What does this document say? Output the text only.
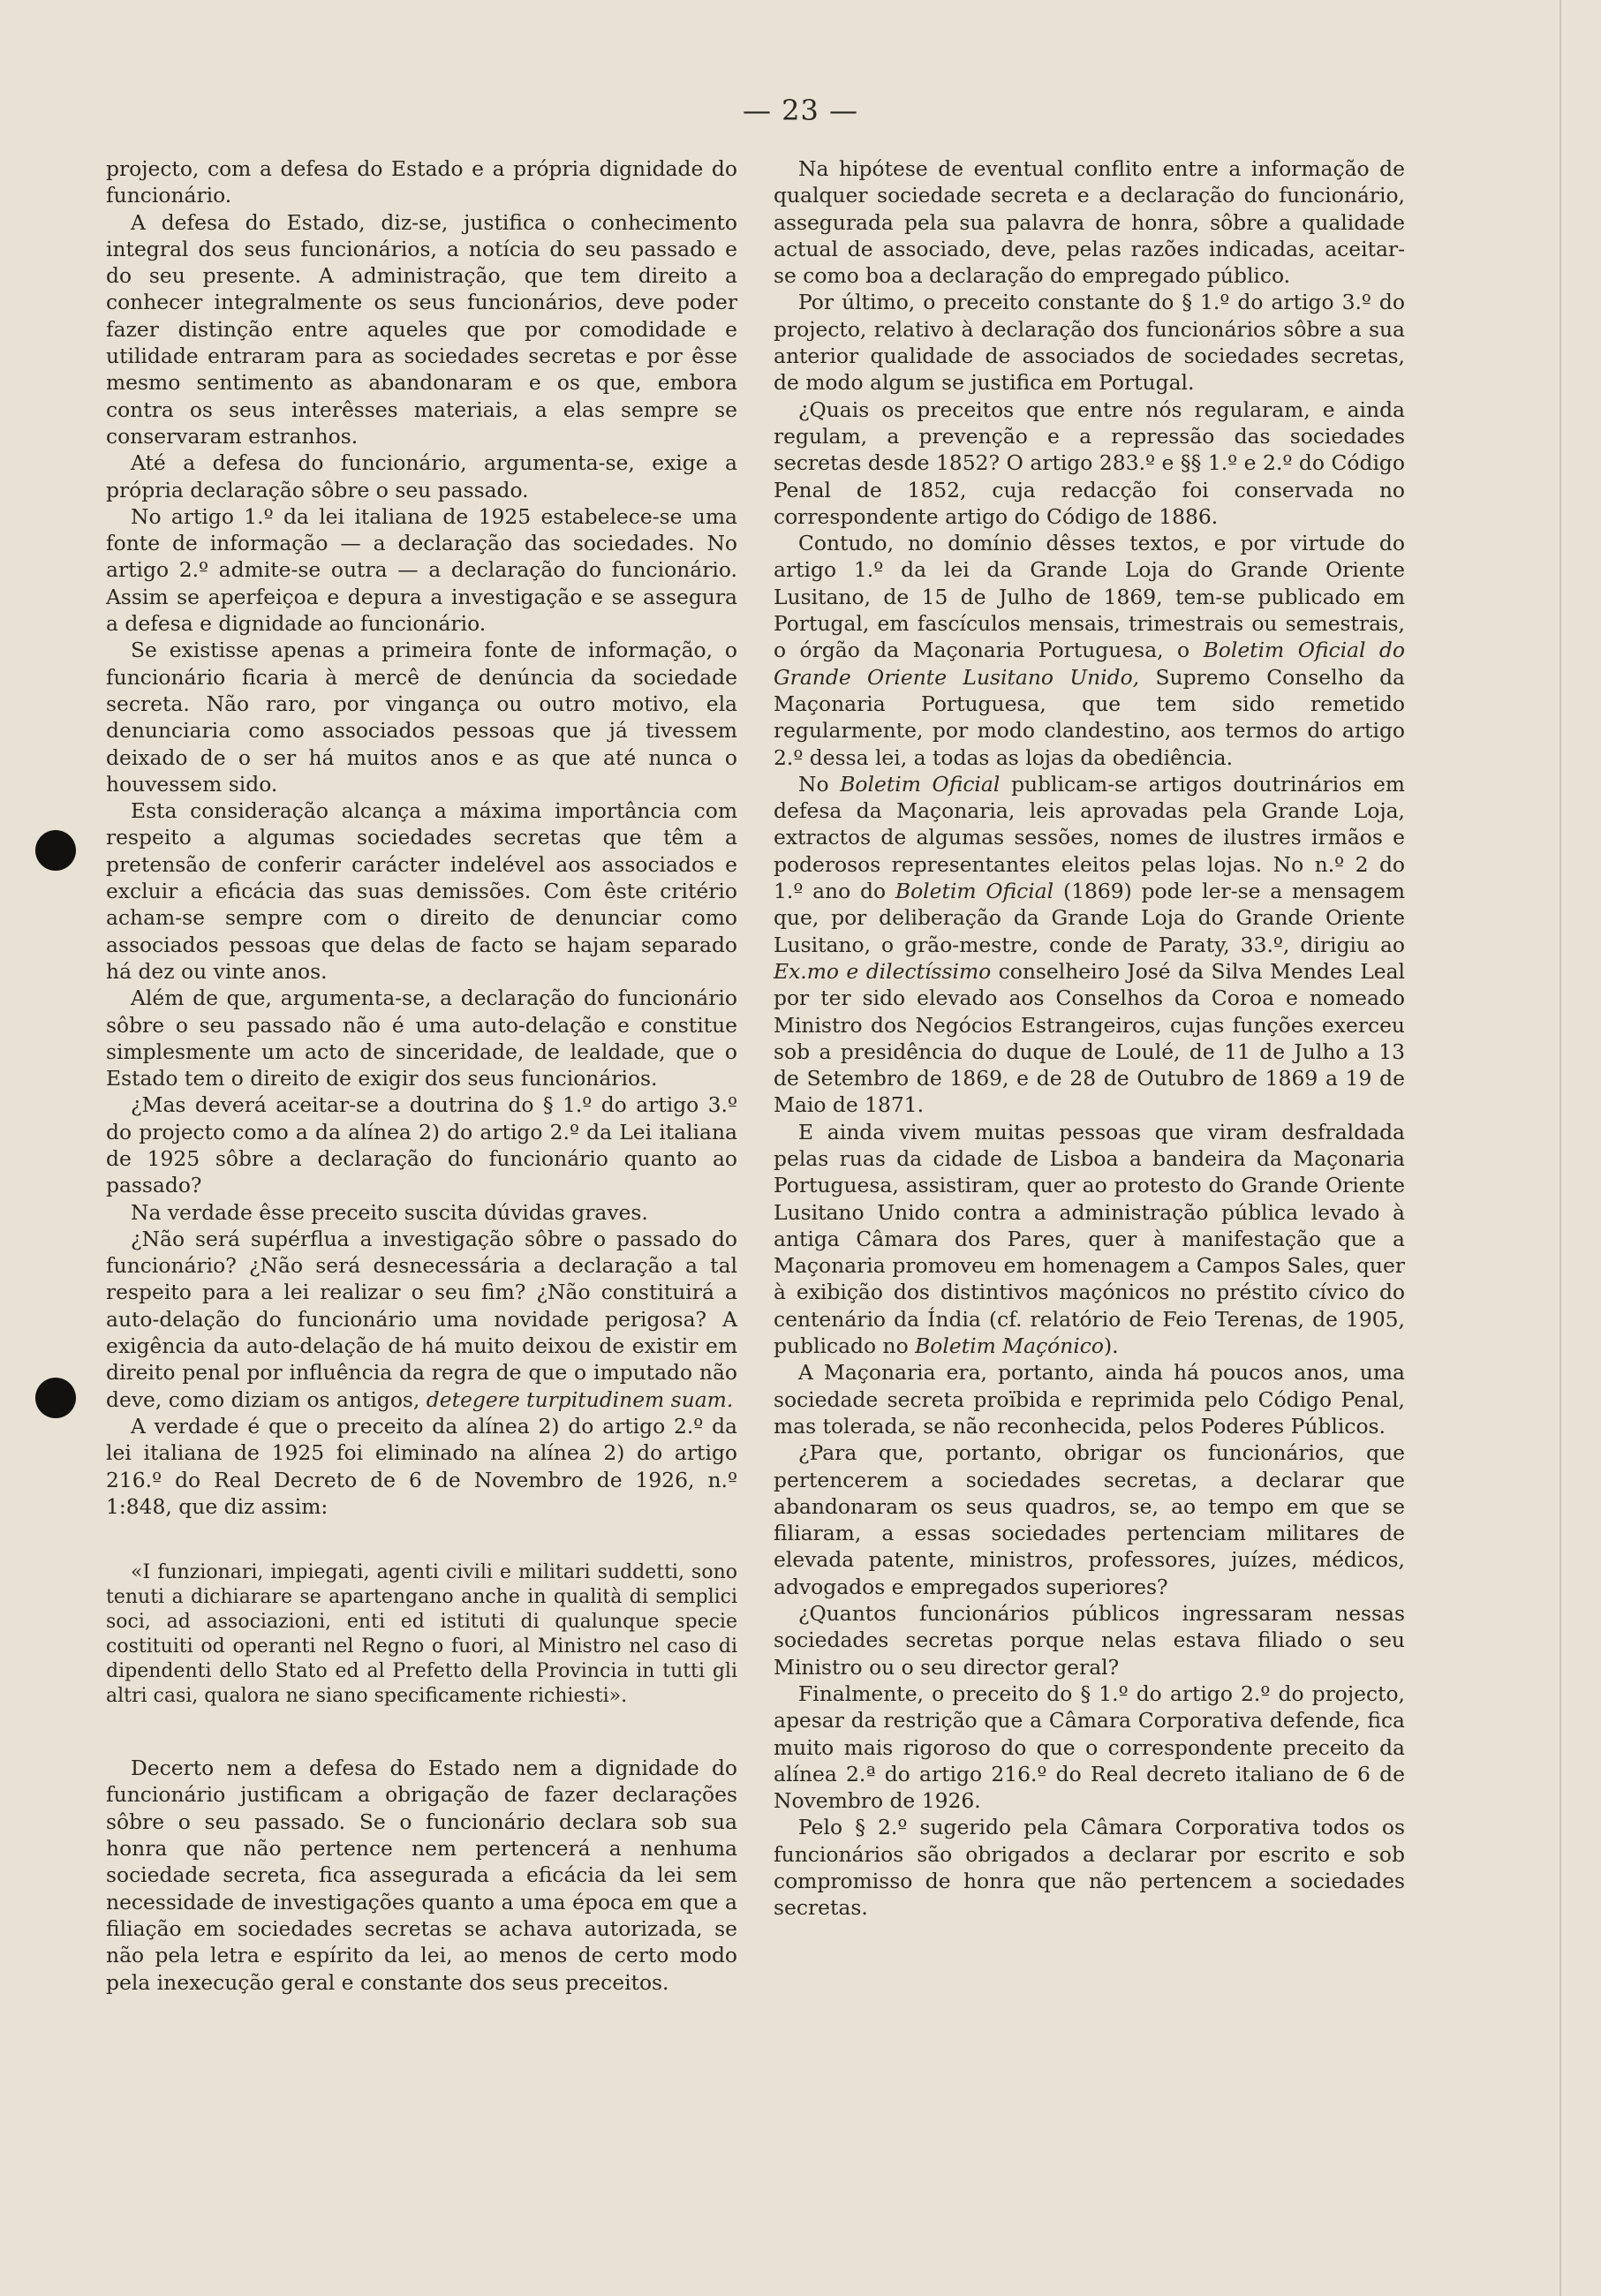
— 23 —

projecto, com a defesa do Estado e a própria dignidade do funcionário.

A defesa do Estado, diz-se, justifica o conhecimento integral dos seus funcionários, a notícia do seu passado e do seu presente. A administração, que tem direito a conhecer integralmente os seus funcionários, deve poder fazer distinção entre aqueles que por comodidade e utilidade entraram para as sociedades secretas e por êsse mesmo sentimento as abandonaram e os que, embora contra os seus interêsses materiais, a elas sempre se conservaram estranhos.

Até a defesa do funcionário, argumenta-se, exige a própria declaração sôbre o seu passado.

No artigo 1.º da lei italiana de 1925 estabelece-se uma fonte de informação — a declaração das sociedades. No artigo 2.º admite-se outra — a declaração do funcionário. Assim se aperfeiçoa e depura a investigação e se assegura a defesa e dignidade ao funcionário.

Se existisse apenas a primeira fonte de informação, o funcionário ficaria à mercê de denúncia da sociedade secreta. Não raro, por vingança ou outro motivo, ela denunciaria como associados pessoas que já tivessem deixado de o ser há muitos anos e as que até nunca o houvessem sido.

Esta consideração alcança a máxima importância com respeito a algumas sociedades secretas que têm a pretensão de conferir carácter indelével aos associados e excluir a eficácia das suas demissões. Com êste critério acham-se sempre com o direito de denunciar como associados pessoas que delas de facto se hajam separado há dez ou vinte anos.

Além de que, argumenta-se, a declaração do funcionário sôbre o seu passado não é uma auto-delação e constitue simplesmente um acto de sinceridade, de lealdade, que o Estado tem o direito de exigir dos seus funcionários.

¿Mas deverá aceitar-se a doutrina do § 1.º do artigo 3.º do projecto como a da alínea 2) do artigo 2.º da Lei italiana de 1925 sôbre a declaração do funcionário quanto ao passado?

Na verdade êsse preceito suscita dúvidas graves.

¿Não será supérflua a investigação sôbre o passado do funcionário? ¿Não será desnecessária a declaração a tal respeito para a lei realizar o seu fim? ¿Não constituirá a auto-delação do funcionário uma novidade perigosa? A exigência da auto-delação de há muito deixou de existir em direito penal por influência da regra de que o imputado não deve, como diziam os antigos, detegere turpitudinem suam.

A verdade é que o preceito da alínea 2) do artigo 2.º da lei italiana de 1925 foi eliminado na alínea 2) do artigo 216.º do Real Decreto de 6 de Novembro de 1926, n.º 1:848, que diz assim:

«I funzionari, impiegati, agenti civili e militari suddetti, sono tenuti a dichiarare se apartengano anche in qualità di semplici soci, ad associazioni, enti ed istituti di qualunque specie costituiti od operanti nel Regno o fuori, al Ministro nel caso di dipendenti dello Stato ed al Prefetto della Provincia in tutti gli altri casi, qualora ne siano specificamente richiesti».

Decerto nem a defesa do Estado nem a dignidade do funcionário justificam a obrigação de fazer declarações sôbre o seu passado. Se o funcionário declara sob sua honra que não pertence nem pertencerá a nenhuma sociedade secreta, fica assegurada a eficácia da lei sem necessidade de investigações quanto a uma época em que a filiação em sociedades secretas se achava autorizada, se não pela letra e espírito da lei, ao menos de certo modo pela inexecução geral e constante dos seus preceitos.

Na hipótese de eventual conflito entre a informação de qualquer sociedade secreta e a declaração do funcionário, assegurada pela sua palavra de honra, sôbre a qualidade actual de associado, deve, pelas razões indicadas, aceitar-se como boa a declaração do empregado público.

Por último, o preceito constante do § 1.º do artigo 3.º do projecto, relativo à declaração dos funcionários sôbre a sua anterior qualidade de associados de sociedades secretas, de modo algum se justifica em Portugal.

¿Quais os preceitos que entre nós regularam, e ainda regulam, a prevenção e a repressão das sociedades secretas desde 1852? O artigo 283.º e §§ 1.º e 2.º do Código Penal de 1852, cuja redacção foi conservada no correspondente artigo do Código de 1886.

Contudo, no domínio dêsses textos, e por virtude do artigo 1.º da lei da Grande Loja do Grande Oriente Lusitano, de 15 de Julho de 1869, tem-se publicado em Portugal, em fascículos mensais, trimestrais ou semestrais, o órgão da Maçonaria Portuguesa, o Boletim Oficial do Grande Oriente Lusitano Unido, Supremo Conselho da Maçonaria Portuguesa, que tem sido remetido regularmente, por modo clandestino, aos termos do artigo 2.º dessa lei, a todas as lojas da obediência.

No Boletim Oficial publicam-se artigos doutrinários em defesa da Maçonaria, leis aprovadas pela Grande Loja, extractos de algumas sessões, nomes de ilustres irmãos e poderosos representantes eleitos pelas lojas. No n.º 2 do 1.º ano do Boletim Oficial (1869) pode ler-se a mensagem que, por deliberação da Grande Loja do Grande Oriente Lusitano, o grão-mestre, conde de Paraty, 33.º, dirigiu ao Ex.mo e dilectíssimo conselheiro José da Silva Mendes Leal por ter sido elevado aos Conselhos da Coroa e nomeado Ministro dos Negócios Estrangeiros, cujas funções exerceu sob a presidência do duque de Loulé, de 11 de Julho a 13 de Setembro de 1869, e de 28 de Outubro de 1869 a 19 de Maio de 1871.

E ainda vivem muitas pessoas que viram desfraldada pelas ruas da cidade de Lisboa a bandeira da Maçonaria Portuguesa, assistiram, quer ao protesto do Grande Oriente Lusitano Unido contra a administração pública levado à antiga Câmara dos Pares, quer à manifestação que a Maçonaria promoveu em homenagem a Campos Sales, quer à exibição dos distintivos maçónicos no préstito cívico do centenário da Índia (cf. relatório de Feio Terenas, de 1905, publicado no Boletim Maçónico).

A Maçonaria era, portanto, ainda há poucos anos, uma sociedade secreta proïbida e reprimida pelo Código Penal, mas tolerada, se não reconhecida, pelos Poderes Públicos.

¿Para que, portanto, obrigar os funcionários, que pertencerem a sociedades secretas, a declarar que abandonaram os seus quadros, se, ao tempo em que se filiaram, a essas sociedades pertenciam militares de elevada patente, ministros, professores, juízes, médicos, advogados e empregados superiores?

¿Quantos funcionários públicos ingressaram nessas sociedades secretas porque nelas estava filiado o seu Ministro ou o seu director geral?

Finalmente, o preceito do § 1.º do artigo 2.º do projecto, apesar da restrição que a Câmara Corporativa defende, fica muito mais rigoroso do que o correspondente preceito da alínea 2.ª do artigo 216.º do Real decreto italiano de 6 de Novembro de 1926.

Pelo § 2.º sugerido pela Câmara Corporativa todos os funcionários são obrigados a declarar por escrito e sob compromisso de honra que não pertencem a sociedades secretas.
